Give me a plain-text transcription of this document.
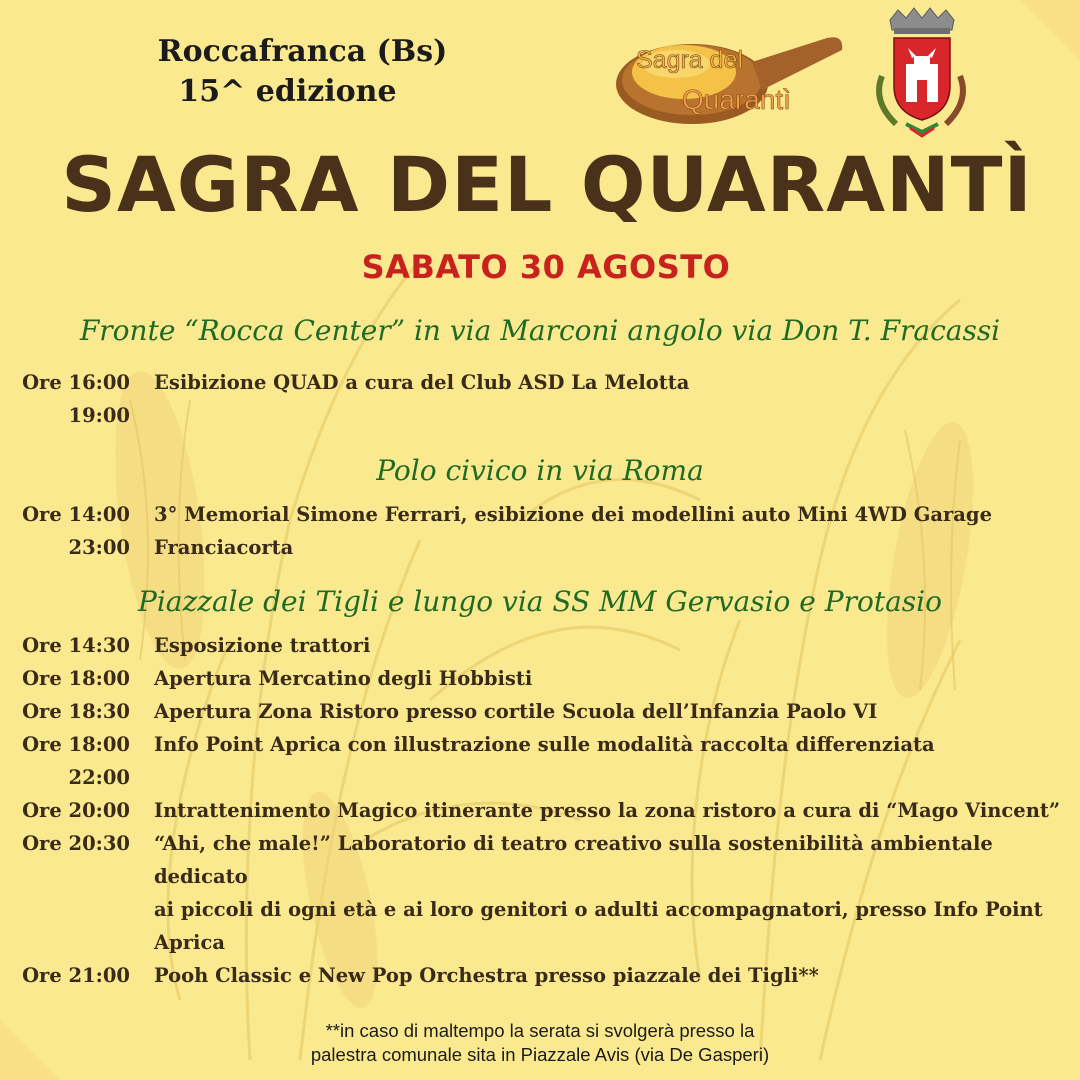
Roccafranca (Bs)
15^ edizione
Sagra del
Quarantì
SAGRA DEL QUARANTÌ
SABATO 30 AGOSTO
Fronte “Rocca Center” in via Marconi angolo via Don T. Fracassi
Ore 16:00
19:00
Esibizione QUAD a cura del Club ASD La Melotta
Polo civico in via Roma
Ore 14:00
23:00
3° Memorial Simone Ferrari, esibizione dei modellini auto Mini 4WD Garage
Franciacorta
Piazzale dei Tigli e lungo via SS MM Gervasio e Protasio
Ore 14:30 Esposizione trattori
Ore 18:00 Apertura Mercatino degli Hobbisti
Ore 18:30 Apertura Zona Ristoro presso cortile Scuola dell’Infanzia Paolo VI
Ore 18:00
22:00
Info Point Aprica con illustrazione sulle modalità raccolta differenziata
Ore 20:00 Intrattenimento Magico itinerante presso la zona ristoro a cura di “Mago Vincent”
Ore 20:30 “Ahi, che male!” Laboratorio di teatro creativo sulla sostenibilità ambientale dedicato
ai piccoli di ogni età e ai loro genitori o adulti accompagnatori, presso Info Point
Aprica
Ore 21:00 Pooh Classic e New Pop Orchestra presso piazzale dei Tigli**
**in caso di maltempo la serata si svolgerà presso la
palestra comunale sita in Piazzale Avis (via De Gasperi)
